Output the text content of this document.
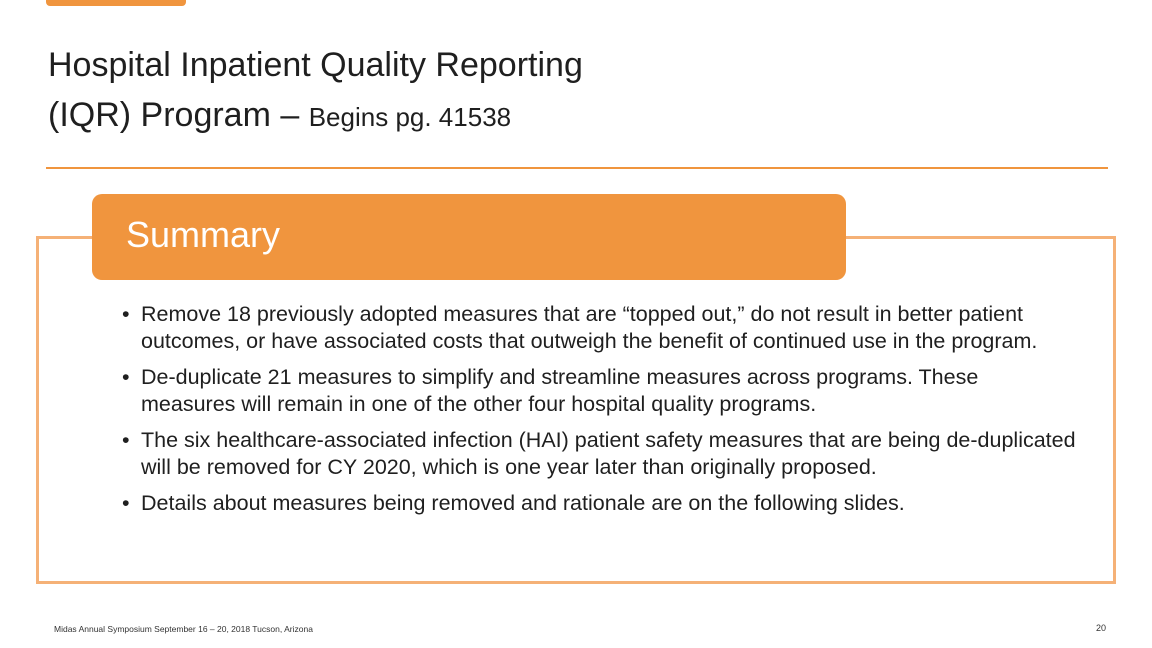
Hospital Inpatient Quality Reporting
(IQR) Program – Begins pg. 41538
Summary
• Remove 18 previously adopted measures that are “topped out,” do not result in better patient outcomes, or have associated costs that outweigh the benefit of continued use in the program.
• De-duplicate 21 measures to simplify and streamline measures across programs. These measures will remain in one of the other four hospital quality programs.
• The six healthcare-associated infection (HAI) patient safety measures that are being de-duplicated will be removed for CY 2020, which is one year later than originally proposed.
• Details about measures being removed and rationale are on the following slides.
Midas Annual Symposium September 16 – 20, 2018 Tucson, Arizona	20
